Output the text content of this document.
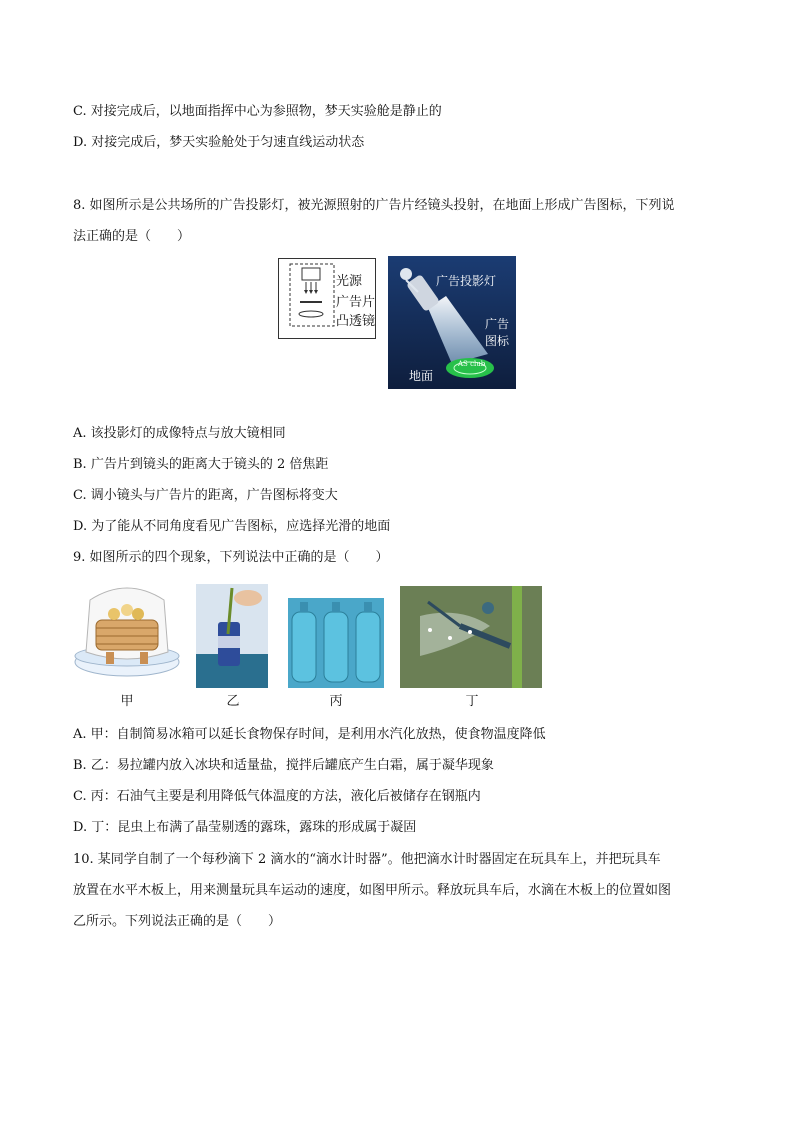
C. 对接完成后，以地面指挥中心为参照物，梦天实验舱是静止的
D. 对接完成后，梦天实验舱处于匀速直线运动状态
8. 如图所示是公共场所的广告投影灯，被光源照射的广告片经镜头投射，在地面上形成广告图标，下列说
法正确的是（　　）
光源
广告片
凸透镜
广告投影灯
广告
图标
地面
AS club
A. 该投影灯的成像特点与放大镜相同
B. 广告片到镜头的距离大于镜头的 2 倍焦距
C. 调小镜头与广告片的距离，广告图标将变大
D. 为了能从不同角度看见广告图标，应选择光滑的地面
9. 如图所示的四个现象，下列说法中正确的是（　　）
甲	乙	丙	丁
A. 甲：自制简易冰箱可以延长食物保存时间，是利用水汽化放热，使食物温度降低
B. 乙：易拉罐内放入冰块和适量盐，搅拌后罐底产生白霜，属于凝华现象
C. 丙：石油气主要是利用降低气体温度的方法，液化后被储存在钢瓶内
D. 丁：昆虫上布满了晶莹剔透的露珠，露珠的形成属于凝固
10. 某同学自制了一个每秒滴下 2 滴水的“滴水计时器”。他把滴水计时器固定在玩具车上，并把玩具车
放置在水平木板上，用来测量玩具车运动的速度，如图甲所示。释放玩具车后，水滴在木板上的位置如图
乙所示。下列说法正确的是（　　）
